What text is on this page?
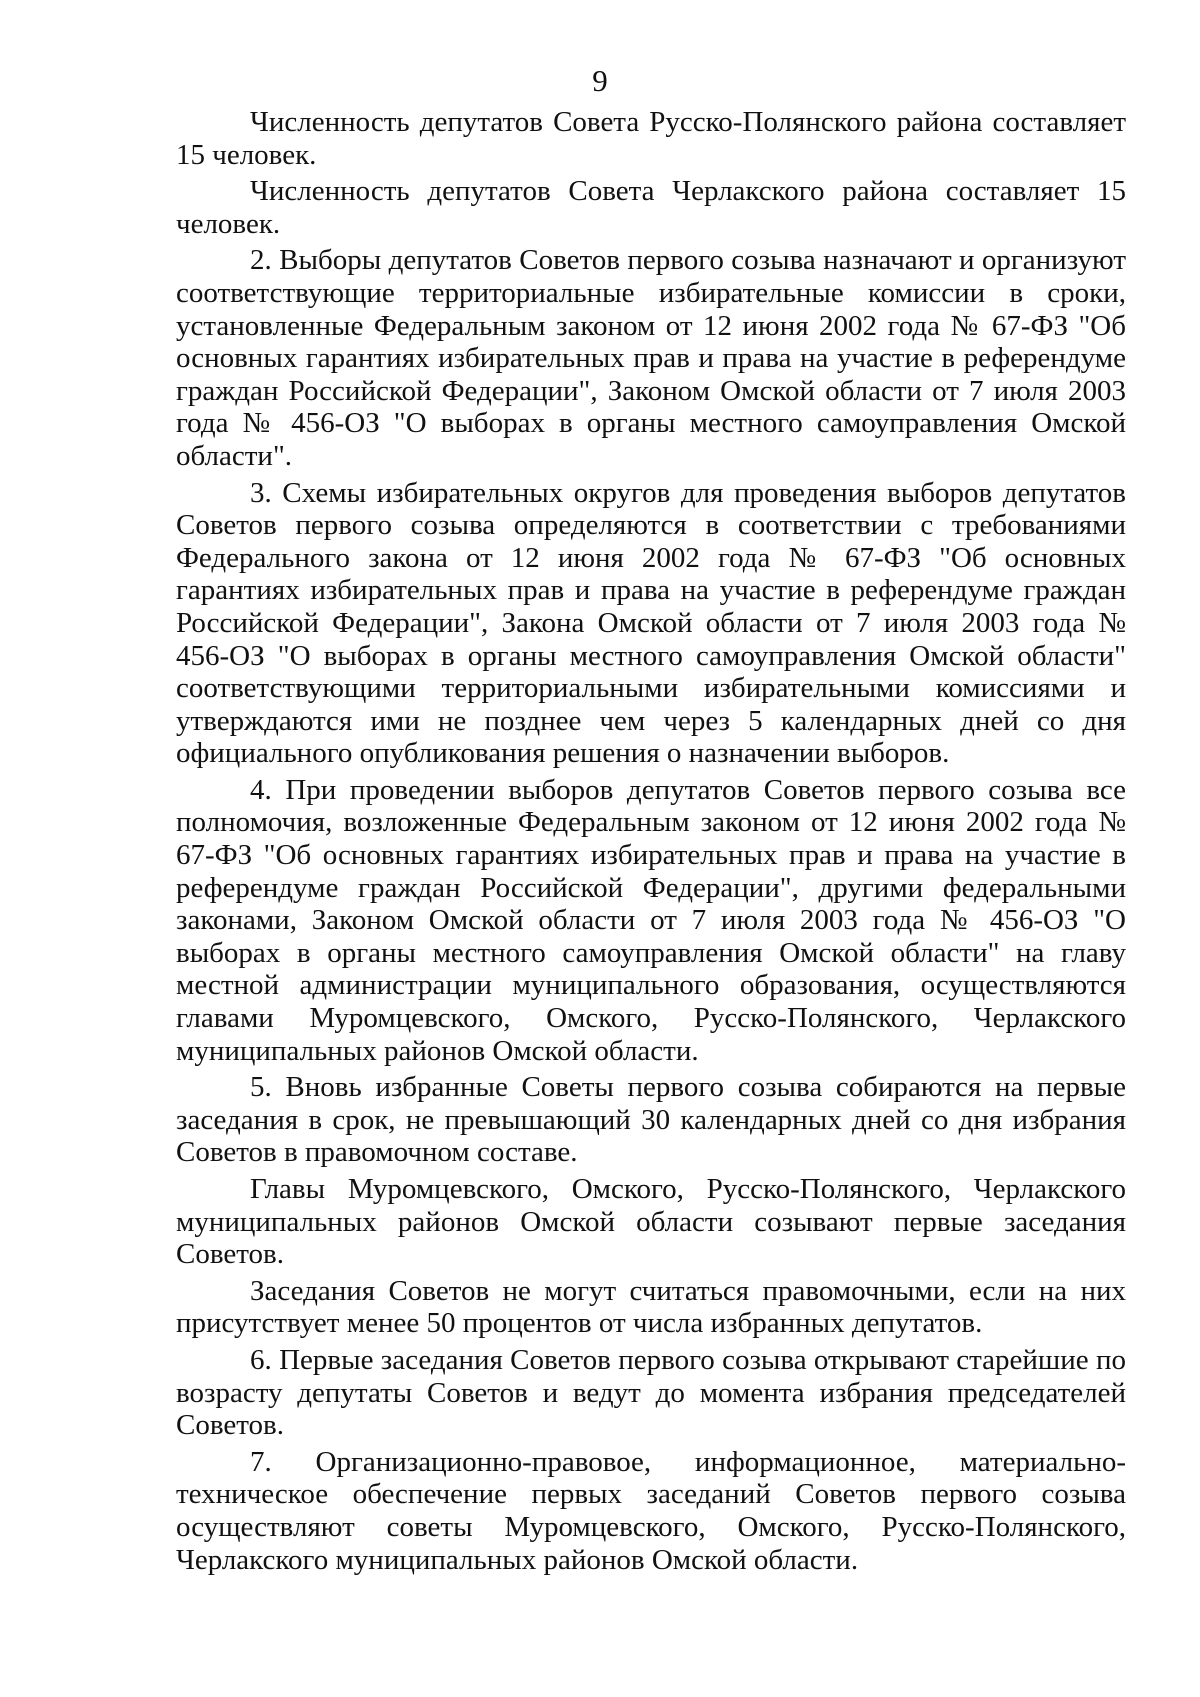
9

Численность депутатов Совета Русско-Полянского района составляет 15 человек.

Численность депутатов Совета Черлакского района составляет 15 человек.

2. Выборы депутатов Советов первого созыва назначают и организуют соответствующие территориальные избирательные комиссии в сроки, установленные Федеральным законом от 12 июня 2002 года № 67-ФЗ "Об основных гарантиях избирательных прав и права на участие в референдуме граждан Российской Федерации", Законом Омской области от 7 июля 2003 года № 456-ОЗ "О выборах в органы местного самоуправления Омской области".

3. Схемы избирательных округов для проведения выборов депутатов Советов первого созыва определяются в соответствии с требованиями Федерального закона от 12 июня 2002 года № 67-ФЗ "Об основных гарантиях избирательных прав и права на участие в референдуме граждан Российской Федерации", Закона Омской области от 7 июля 2003 года № 456-ОЗ "О выборах в органы местного самоуправления Омской области" соответствующими территориальными избирательными комиссиями и утверждаются ими не позднее чем через 5 календарных дней со дня официального опубликования решения о назначении выборов.

4. При проведении выборов депутатов Советов первого созыва все полномочия, возложенные Федеральным законом от 12 июня 2002 года № 67-ФЗ "Об основных гарантиях избирательных прав и права на участие в референдуме граждан Российской Федерации", другими федеральными законами, Законом Омской области от 7 июля 2003 года № 456-ОЗ "О выборах в органы местного самоуправления Омской области" на главу местной администрации муниципального образования, осуществляются главами Муромцевского, Омского, Русско-Полянского, Черлакского муниципальных районов Омской области.

5. Вновь избранные Советы первого созыва собираются на первые заседания в срок, не превышающий 30 календарных дней со дня избрания Советов в правомочном составе.

Главы Муромцевского, Омского, Русско-Полянского, Черлакского муниципальных районов Омской области созывают первые заседания Советов.

Заседания Советов не могут считаться правомочными, если на них присутствует менее 50 процентов от числа избранных депутатов.

6. Первые заседания Советов первого созыва открывают старейшие по возрасту депутаты Советов и ведут до момента избрания председателей Советов.

7. Организационно-правовое, информационное, материально-техническое обеспечение первых заседаний Советов первого созыва осуществляют советы Муромцевского, Омского, Русско-Полянского, Черлакского муниципальных районов Омской области.
